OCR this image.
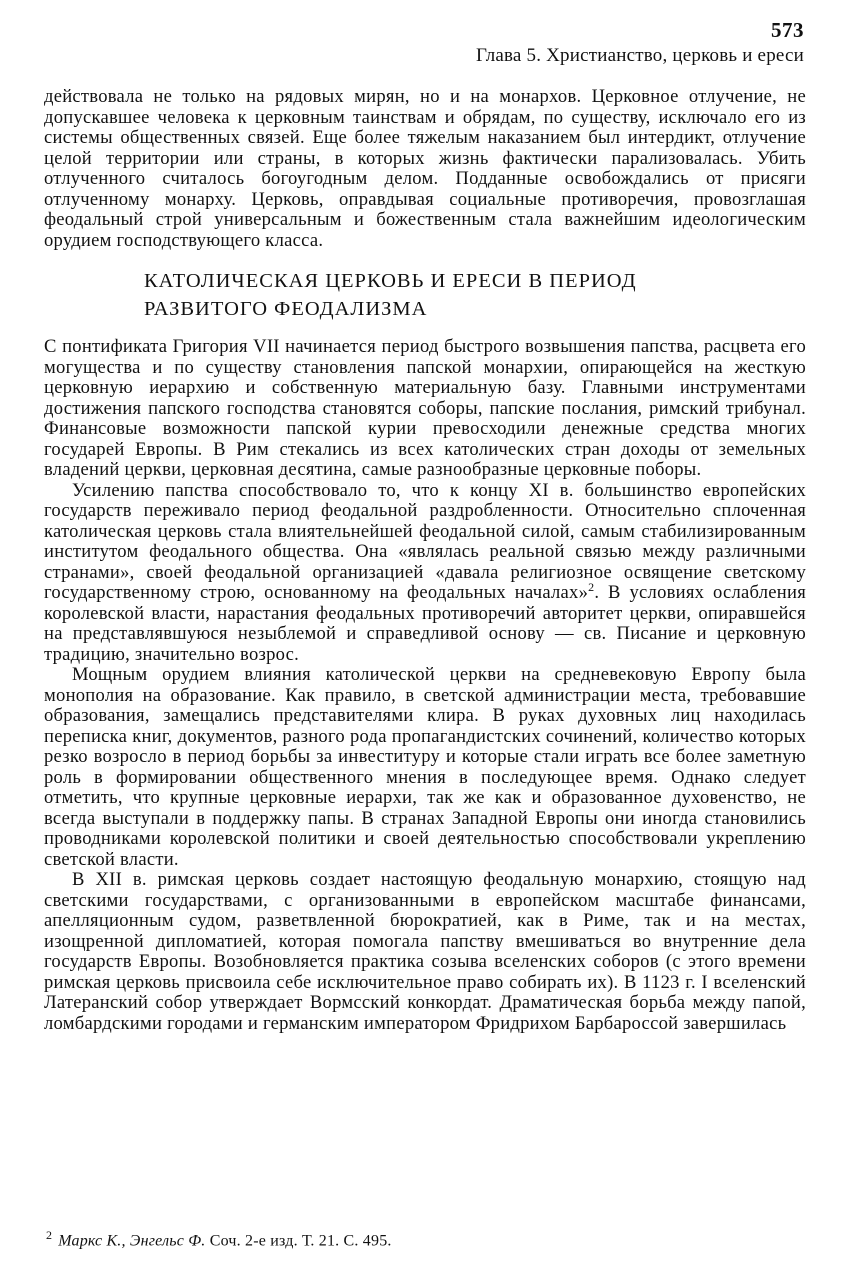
573
Глава 5. Христианство, церковь и ереси

действовала не только на рядовых мирян, но и на монархов. Церковное отлучение, не допускавшее человека к церковным таинствам и обрядам, по существу, исключало его из системы общественных связей. Еще более тяжелым наказанием был интердикт, отлучение целой территории или страны, в которых жизнь фактически парализовалась. Убить отлученного считалось богоугодным делом. Подданные освобождались от присяги отлученному монарху. Церковь, оправдывая социальные противоречия, провозглашая феодальный строй универсальным и божественным стала важнейшим идеологическим орудием господствующего класса.

КАТОЛИЧЕСКАЯ ЦЕРКОВЬ И ЕРЕСИ В ПЕРИОД
РАЗВИТОГО ФЕОДАЛИЗМА

С понтификата Григория VII начинается период быстрого возвышения папства, расцвета его могущества и по существу становления папской монархии, опирающейся на жесткую церковную иерархию и собственную материальную базу. Главными инструментами достижения папского господства становятся соборы, папские послания, римский трибунал. Финансовые возможности папской курии превосходили денежные средства многих государей Европы. В Рим стекались из всех католических стран доходы от земельных владений церкви, церковная десятина, самые разнообразные церковные поборы.

Усилению папства способствовало то, что к концу XI в. большинство европейских государств переживало период феодальной раздробленности. Относительно сплоченная католическая церковь стала влиятельнейшей феодальной силой, самым стабилизированным институтом феодального общества. Она «являлась реальной связью между различными странами», своей феодальной организацией «давала религиозное освящение светскому государственному строю, основанному на феодальных началах»$^2$. В условиях ослабления королевской власти, нарастания феодальных противоречий авторитет церкви, опиравшейся на представлявшуюся незыблемой и справедливой основу — св. Писание и церковную традицию, значительно возрос.

Мощным орудием влияния католической церкви на средневековую Европу была монополия на образование. Как правило, в светской администрации места, требовавшие образования, замещались представителями клира. В руках духовных лиц находилась переписка книг, документов, разного рода пропагандистских сочинений, количество которых резко возросло в период борьбы за инвеституру и которые стали играть все более заметную роль в формировании общественного мнения в последующее время. Однако следует отметить, что крупные церковные иерархи, так же как и образованное духовенство, не всегда выступали в поддержку папы. В странах Западной Европы они иногда становились проводниками королевской политики и своей деятельностью способствовали укреплению светской власти.

В XII в. римская церковь создает настоящую феодальную монархию, стоящую над светскими государствами, с организованными в европейском масштабе финансами, апелляционным судом, разветвленной бюрократией, как в Риме, так и на местах, изощренной дипломатией, которая помогала папству вмешиваться во внутренние дела государств Европы. Возобновляется практика созыва вселенских соборов (с этого времени римская церковь присвоила себе исключительное право собирать их). В 1123 г. I вселенский Латеранский собор утверждает Вормсский конкордат. Драматическая борьба между папой, ломбардскими городами и германским императором Фридрихом Барбароссой завершилась

$^2$ Маркс К., Энгельс Ф. Соч. 2-е изд. Т. 21. С. 495.
